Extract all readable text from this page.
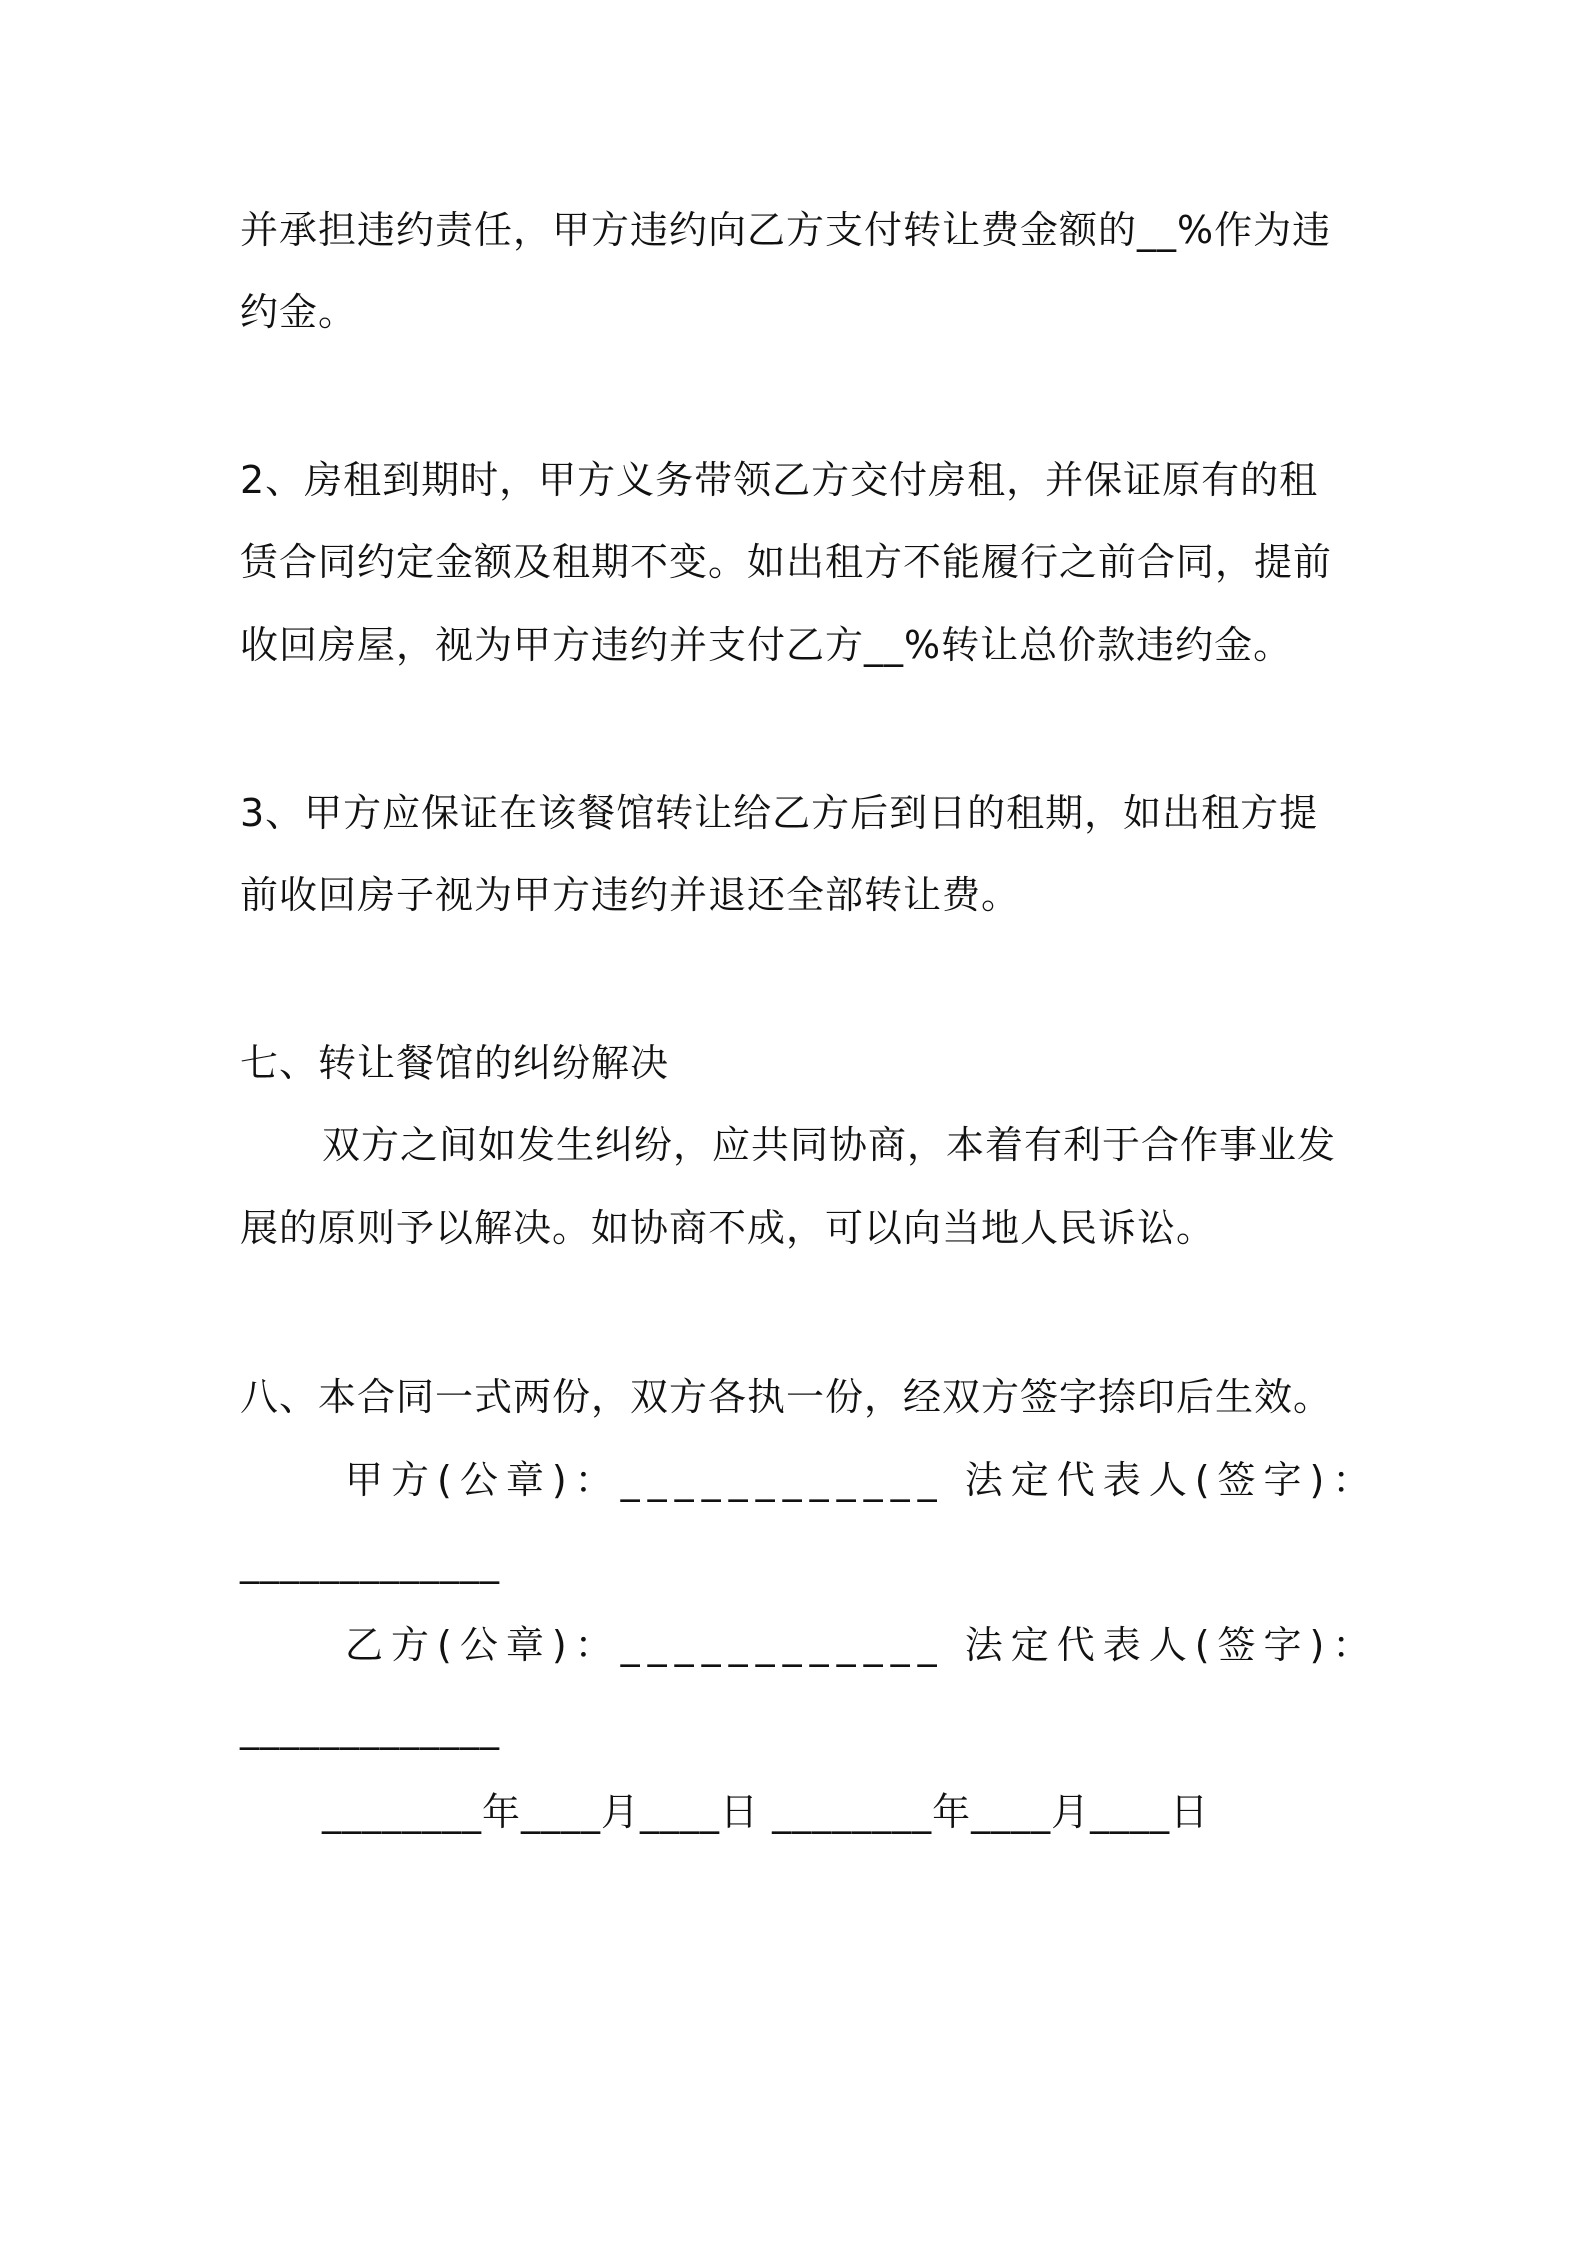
并承担违约责任，甲方违约向乙方支付转让费金额的__%作为违
约金。
2、房租到期时，甲方义务带领乙方交付房租，并保证原有的租
赁合同约定金额及租期不变。如出租方不能履行之前合同，提前
收回房屋，视为甲方违约并支付乙方__%转让总价款违约金。
3、甲方应保证在该餐馆转让给乙方后到日的租期，如出租方提
前收回房子视为甲方违约并退还全部转让费。
七、转让餐馆的纠纷解决
双方之间如发生纠纷，应共同协商，本着有利于合作事业发
展的原则予以解决。如协商不成，可以向当地人民诉讼。
八、本合同一式两份，双方各执一份，经双方签字捺印后生效。
甲方(公章)：____________ 法定代表人(签字)：
_____________
乙方(公章)：____________ 法定代表人(签字)：
_____________
________年____月____日 ________年____月____日
